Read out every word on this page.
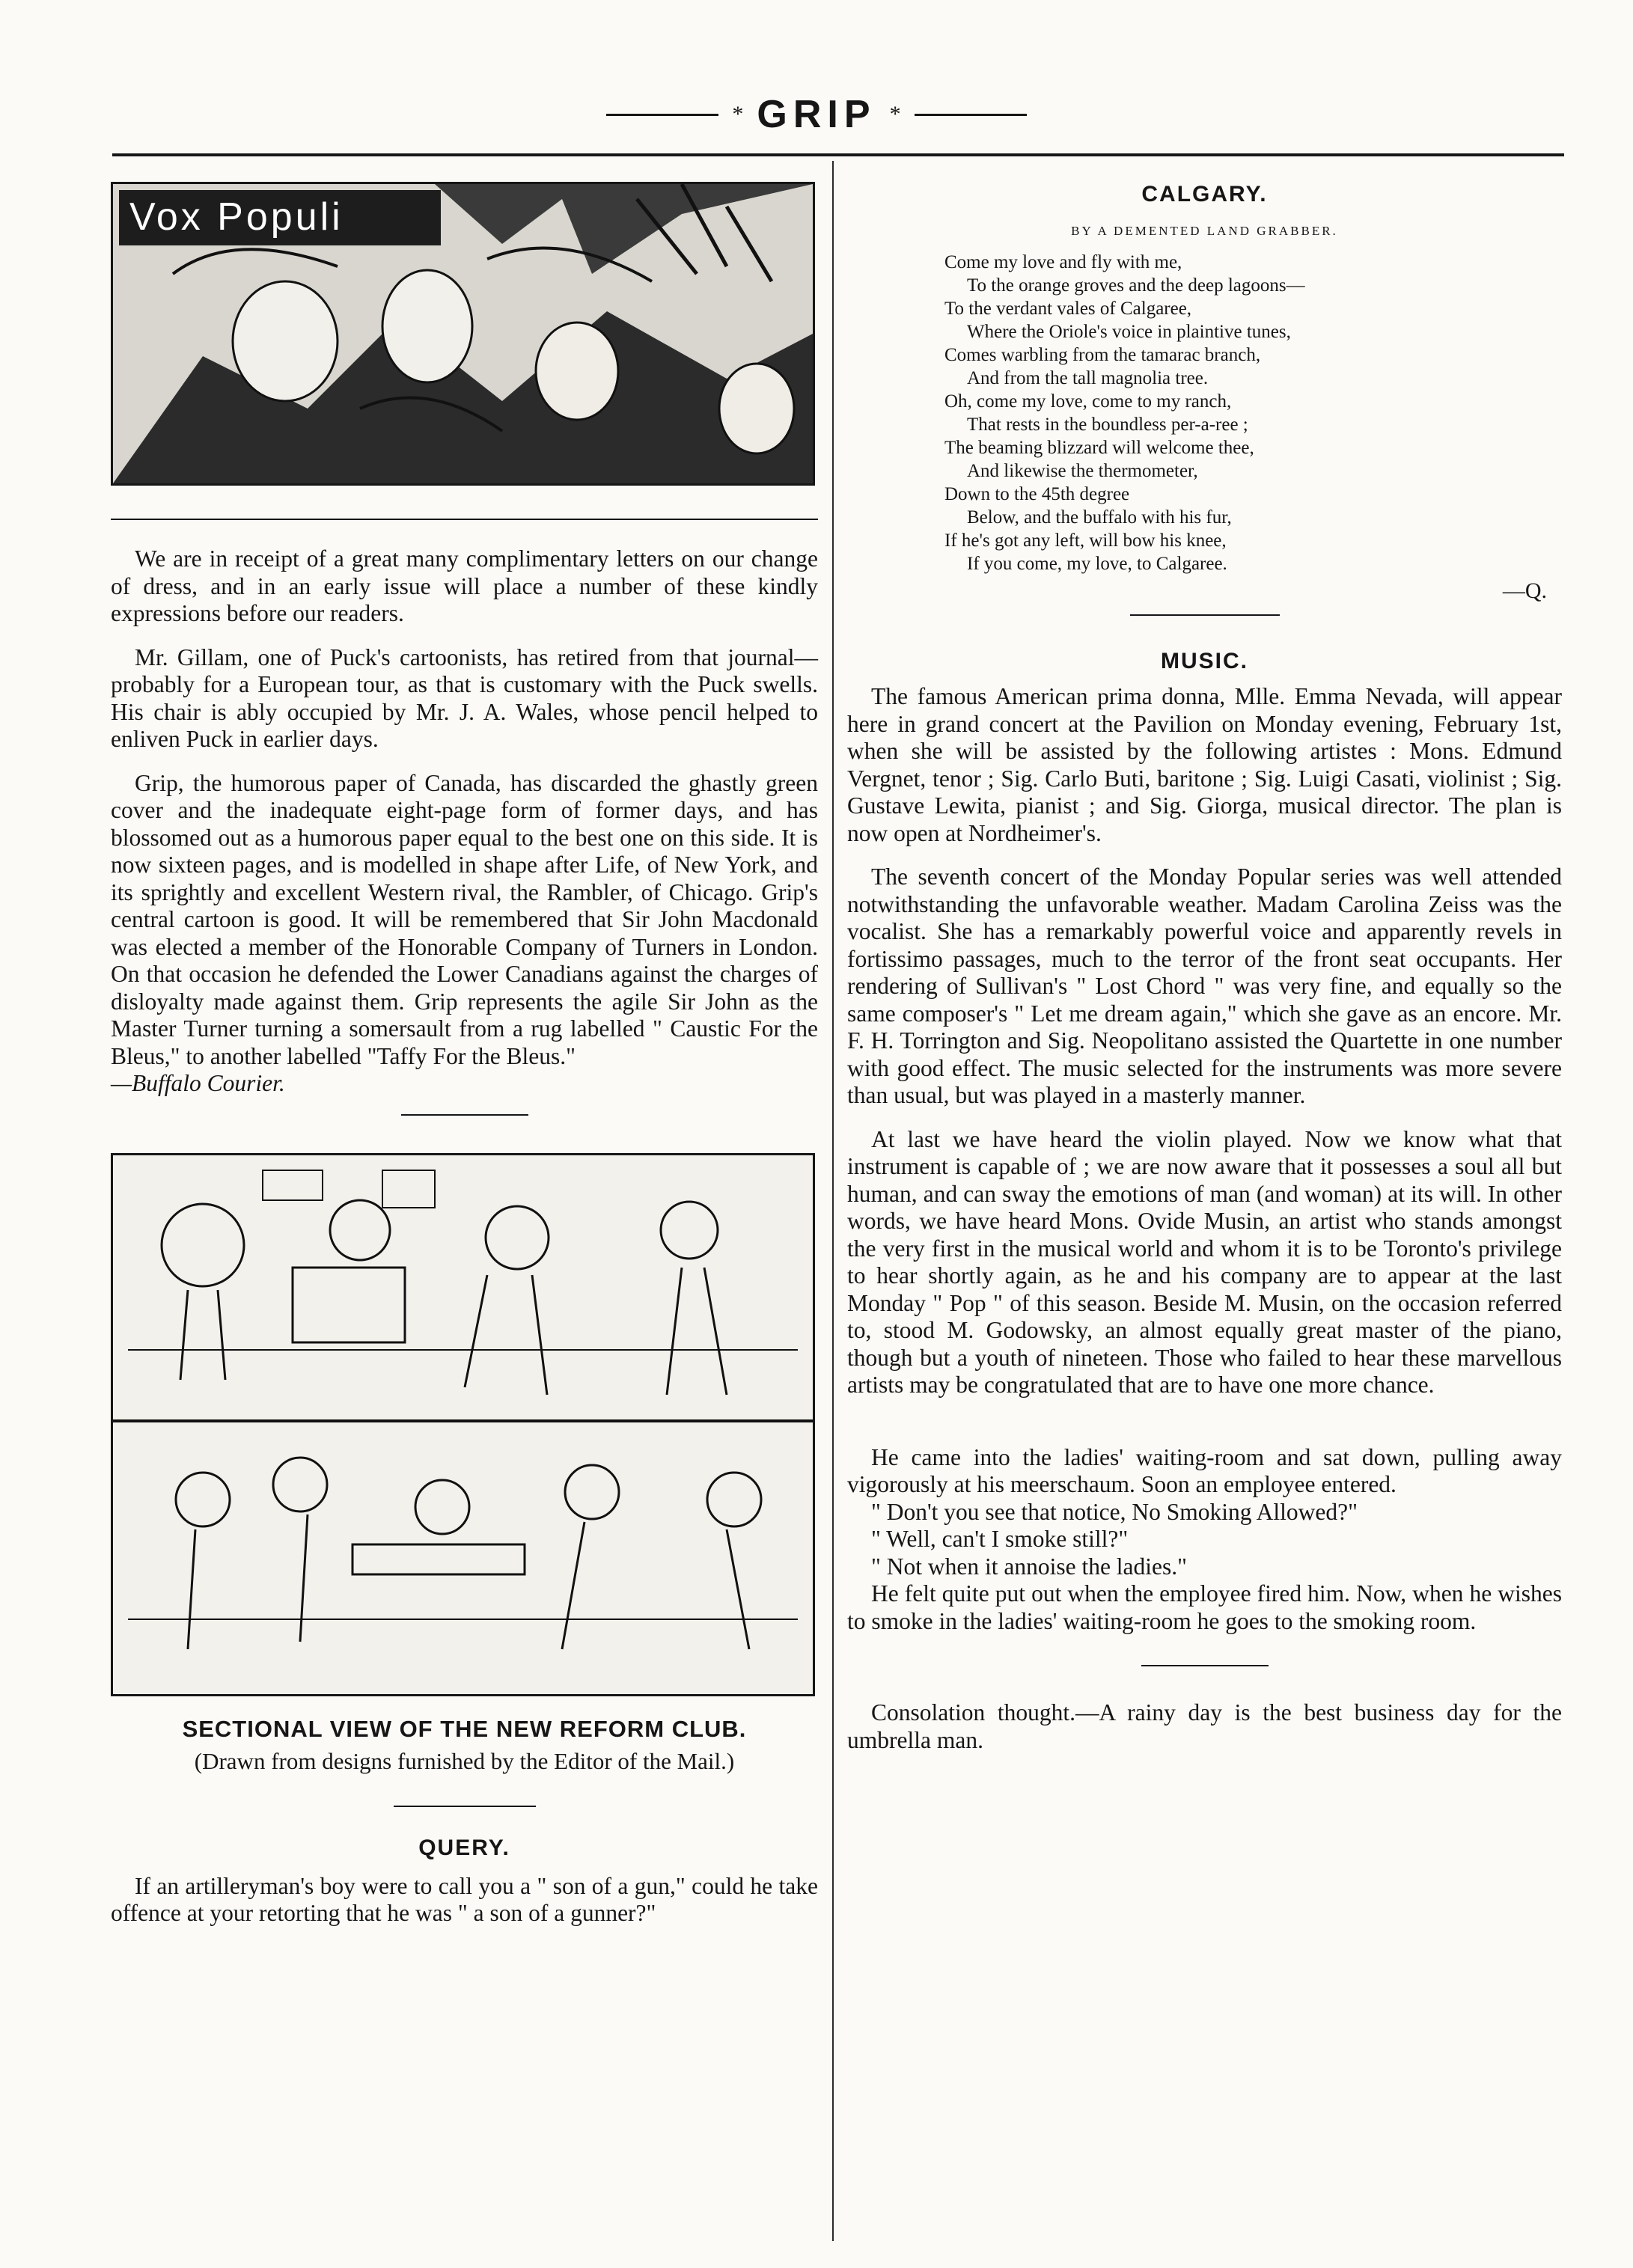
* GRIP *
Vox Populi

We are in receipt of a great many complimentary letters on our change of dress, and in an early issue will place a number of these kindly expressions before our readers.

Mr. Gillam, one of Puck's cartoonists, has retired from that journal—probably for a European tour, as that is customary with the Puck swells. His chair is ably occupied by Mr. J. A. Wales, whose pencil helped to enliven Puck in earlier days.

Grip, the humorous paper of Canada, has discarded the ghastly green cover and the inadequate eight-page form of former days, and has blossomed out as a humorous paper equal to the best one on this side. It is now sixteen pages, and is modelled in shape after Life, of New York, and its sprightly and excellent Western rival, the Rambler, of Chicago. Grip's central cartoon is good. It will be remembered that Sir John Macdonald was elected a member of the Honorable Company of Turners in London. On that occasion he defended the Lower Canadians against the charges of disloyalty made against them. Grip represents the agile Sir John as the Master Turner turning a somersault from a rug labelled " Caustic For the Bleus," to another labelled "Taffy For the Bleus."

—Buffalo Courier.

SECTIONAL VIEW OF THE NEW REFORM CLUB.

(Drawn from designs furnished by the Editor of the Mail.)

QUERY.

If an artilleryman's boy were to call you a " son of a gun," could he take offence at your retorting that he was " a son of a gunner?"

CALGARY.
BY A DEMENTED LAND GRABBER.
Come my love and fly with me,
To the orange groves and the deep lagoons—
To the verdant vales of Calgaree,
Where the Oriole's voice in plaintive tunes,
Comes warbling from the tamarac branch,
And from the tall magnolia tree.
Oh, come my love, come to my ranch,
That rests in the boundless per-a-ree ;
The beaming blizzard will welcome thee,
And likewise the thermometer,
Down to the 45th degree
Below, and the buffalo with his fur,
If he's got any left, will bow his knee,
If you come, my love, to Calgaree.
—Q.
MUSIC.

The famous American prima donna, Mlle. Emma Nevada, will appear here in grand concert at the Pavilion on Monday evening, February 1st, when she will be assisted by the following artistes : Mons. Edmund Vergnet, tenor ; Sig. Carlo Buti, baritone ; Sig. Luigi Casati, violinist ; Sig. Gustave Lewita, pianist ; and Sig. Giorga, musical director. The plan is now open at Nordheimer's.

The seventh concert of the Monday Popular series was well attended notwithstanding the unfavorable weather. Madam Carolina Zeiss was the vocalist. She has a remarkably powerful voice and apparently revels in fortissimo passages, much to the terror of the front seat occupants. Her rendering of Sullivan's " Lost Chord " was very fine, and equally so the same composer's " Let me dream again," which she gave as an encore. Mr. F. H. Torrington and Sig. Neopolitano assisted the Quartette in one number with good effect. The music selected for the instruments was more severe than usual, but was played in a masterly manner.

At last we have heard the violin played. Now we know what that instrument is capable of ; we are now aware that it possesses a soul all but human, and can sway the emotions of man (and woman) at its will. In other words, we have heard Mons. Ovide Musin, an artist who stands amongst the very first in the musical world and whom it is to be Toronto's privilege to hear shortly again, as he and his company are to appear at the last Monday " Pop " of this season. Beside M. Musin, on the occasion referred to, stood M. Godowsky, an almost equally great master of the piano, though but a youth of nineteen. Those who failed to hear these marvellous artists may be congratulated that are to have one more chance.

He came into the ladies' waiting-room and sat down, pulling away vigorously at his meerschaum. Soon an employee entered.

" Don't you see that notice, No Smoking Allowed?"

" Well, can't I smoke still?"

" Not when it annoise the ladies."

He felt quite put out when the employee fired him. Now, when he wishes to smoke in the ladies' waiting-room he goes to the smoking room.

Consolation thought.—A rainy day is the best business day for the umbrella man.
